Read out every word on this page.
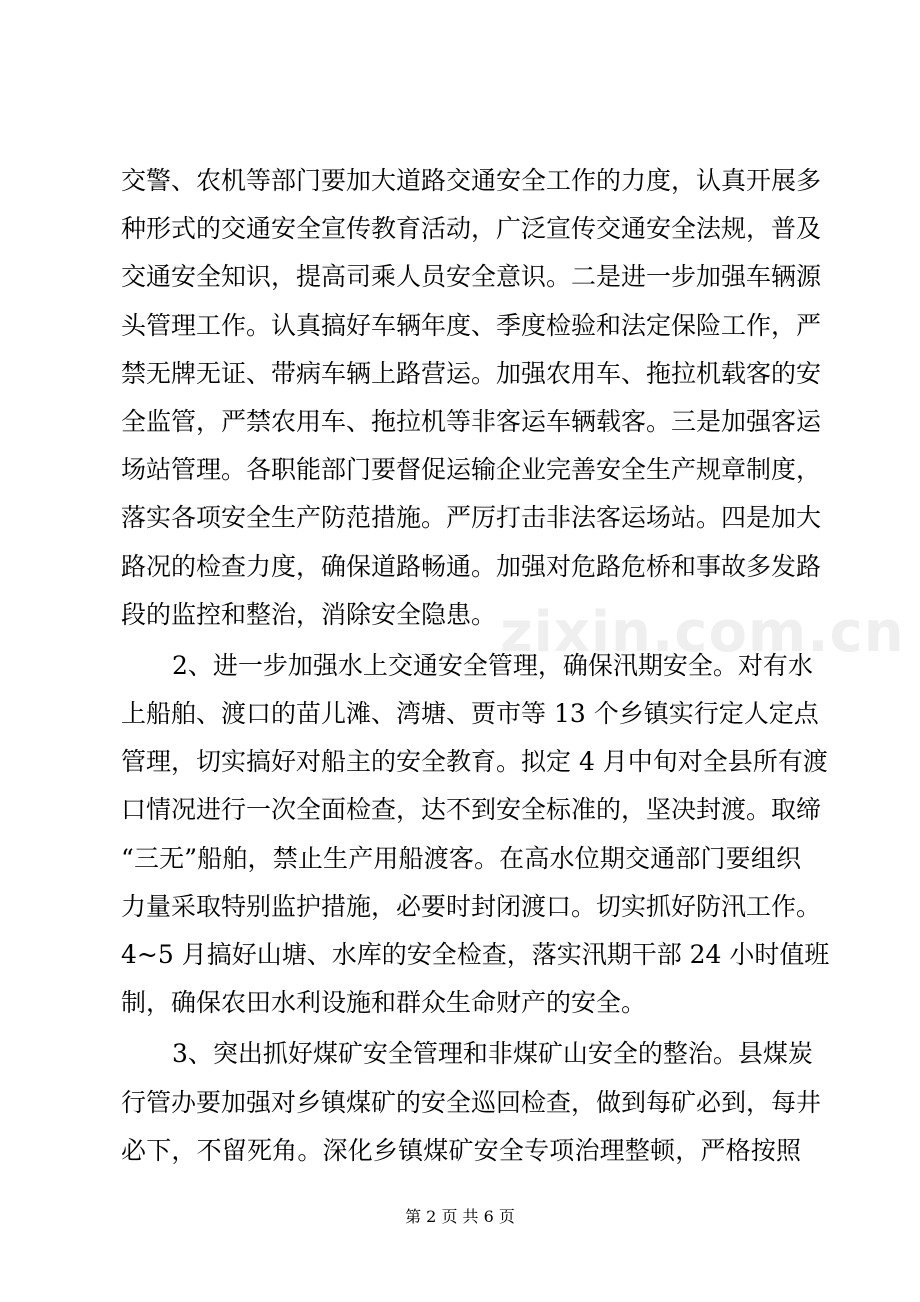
交警、农机等部门要加大道路交通安全工作的力度，认真开展多
种形式的交通安全宣传教育活动，广泛宣传交通安全法规，普及
交通安全知识，提高司乘人员安全意识。二是进一步加强车辆源
头管理工作。认真搞好车辆年度、季度检验和法定保险工作，严
禁无牌无证、带病车辆上路营运。加强农用车、拖拉机载客的安
全监管，严禁农用车、拖拉机等非客运车辆载客。三是加强客运
场站管理。各职能部门要督促运输企业完善安全生产规章制度，
落实各项安全生产防范措施。严厉打击非法客运场站。四是加大
路况的检查力度，确保道路畅通。加强对危路危桥和事故多发路
段的监控和整治，消除安全隐患。
2、进一步加强水上交通安全管理，确保汛期安全。对有水
上船舶、渡口的苗儿滩、湾塘、贾市等 13 个乡镇实行定人定点
管理，切实搞好对船主的安全教育。拟定 4 月中旬对全县所有渡
口情况进行一次全面检查，达不到安全标准的，坚决封渡。取缔
“三无”船舶，禁止生产用船渡客。在高水位期交通部门要组织
力量采取特别监护措施，必要时封闭渡口。切实抓好防汛工作。
4~5 月搞好山塘、水库的安全检查，落实汛期干部 24 小时值班
制，确保农田水利设施和群众生命财产的安全。
3、突出抓好煤矿安全管理和非煤矿山安全的整治。县煤炭
行管办要加强对乡镇煤矿的安全巡回检查，做到每矿必到，每井
必下，不留死角。深化乡镇煤矿安全专项治理整顿，严格按照
zixin.com.cn
第 2 页 共 6 页
